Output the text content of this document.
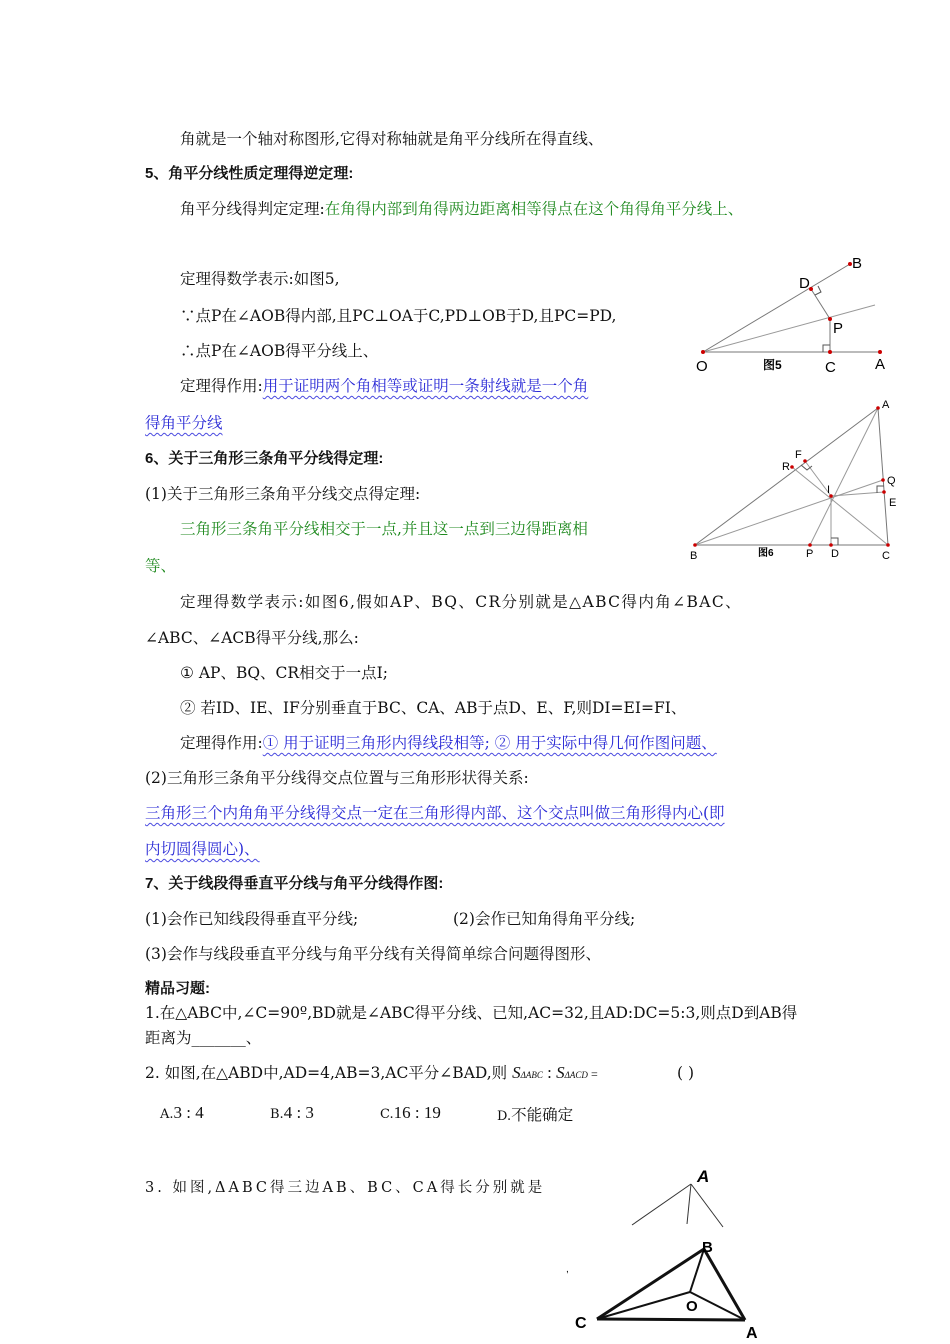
角就是一个轴对称图形,它得对称轴就是角平分线所在得直线、
5、角平分线性质定理得逆定理:
角平分线得判定定理:在角得内部到角得两边距离相等得点在这个角得角平分线上、
定理得数学表示:如图5,
∵点P在∠AOB得内部,且PC⊥OA于C,PD⊥OB于D,且PC=PD,
∴点P在∠AOB得平分线上、
定理得作用:用于证明两个角相等或证明一条射线就是一个角
得角平分线
6、关于三角形三条角平分线得定理:
(1)关于三角形三条角平分线交点得定理:
三角形三条角平分线相交于一点,并且这一点到三边得距离相
等、
定理得数学表示:如图6,假如AP、BQ、CR分别就是△ABC得内角∠BAC、
∠ABC、∠ACB得平分线,那么:
① AP、BQ、CR相交于一点I;
② 若ID、IE、IF分别垂直于BC、CA、AB于点D、E、F,则DI=EI=FI、
定理得作用:① 用于证明三角形内得线段相等; ② 用于实际中得几何作图问题、
(2)三角形三条角平分线得交点位置与三角形形状得关系:
三角形三个内角角平分线得交点一定在三角形得内部、这个交点叫做三角形得内心(即
内切圆得圆心)、
7、关于线段得垂直平分线与角平分线得作图:
(1)会作已知线段得垂直平分线;	(2)会作已知角得角平分线;
(3)会作与线段垂直平分线与角平分线有关得简单综合问题得图形、
精品习题:
1.在△ABC中,∠C=90º,BD就是∠ABC得平分线、已知,AC=32,且AD:DC=5:3,则点D到AB得
距离为_______、
2. 如图,在△ABD中,AD=4,AB=3,AC平分∠BAD,则 SΔABC : SΔACD =	( )
A.3 : 4	B.4 : 3	C.16 : 19	D.不能确定
3. 如图,ΔABC得三边AB、BC、CA得长分别就是
B
D
P
O	C	A
图5
A
F
R
Q
I
E
B	P D	C
图6
A
,
B
O
C
A
